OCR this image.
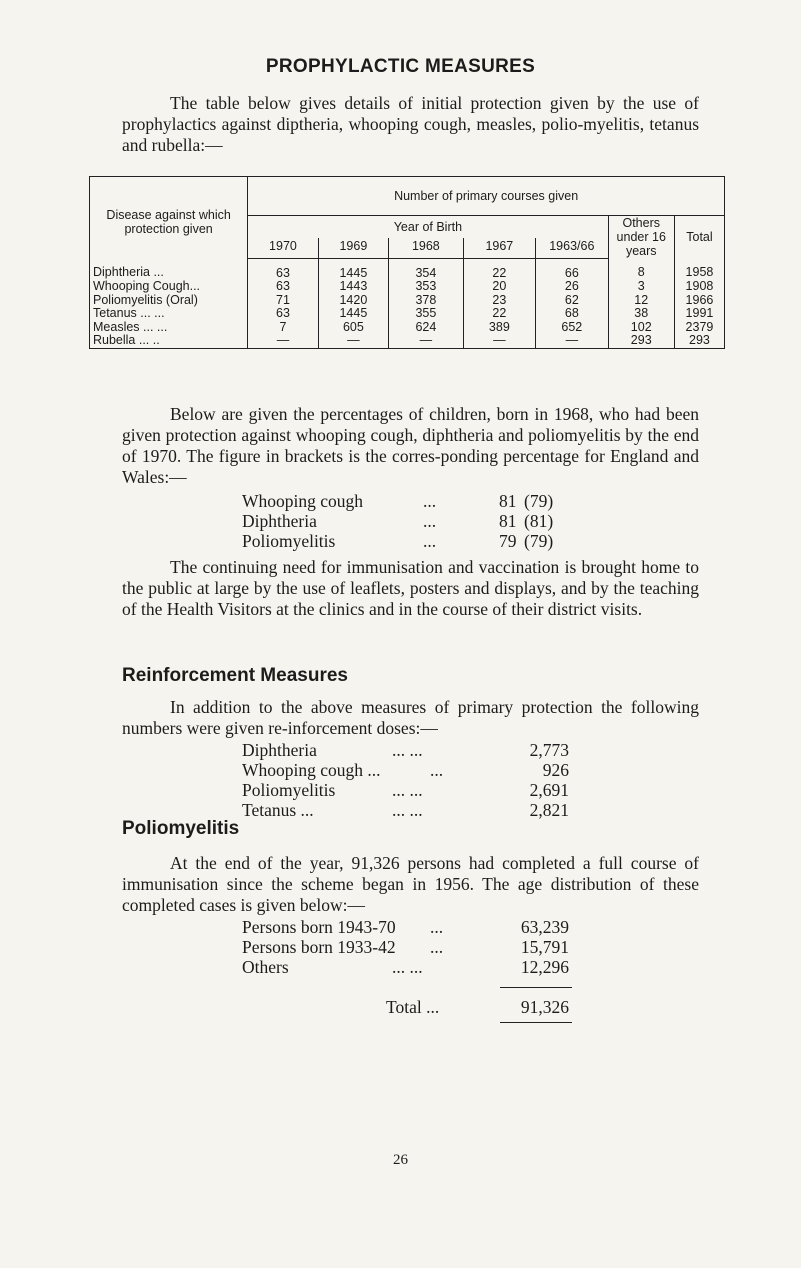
PROPHYLACTIC MEASURES

The table below gives details of initial protection given by the use of prophylactics against diptheria, whooping cough, measles, polio-myelitis, tetanus and rubella:—

Disease against which protection given	Number of primary courses given						
	Year of Birth					Others under 16 years	Total
	1970	1969	1968	1967	1963/66		
Diphtheria ...	63	1445	354	22	66	8	1958
Whooping Cough...	63	1443	353	20	26	3	1908
Poliomyelitis (Oral)	71	1420	378	23	62	12	1966
Tetanus ... ...	63	1445	355	22	68	38	1991
Measles ... ...	7	605	624	389	652	102	2379
Rubella ... ..	—	—	—	—	—	293	293

Below are given the percentages of children, born in 1968, who had been given protection against whooping cough, diphtheria and poliomyelitis by the end of 1970. The figure in brackets is the corres-ponding percentage for England and Wales:—

Whooping cough	...	81 (79)
Diphtheria	...	81 (81)
Poliomyelitis	...	79 (79)

The continuing need for immunisation and vaccination is brought home to the public at large by the use of leaflets, posters and displays, and by the teaching of the Health Visitors at the clinics and in the course of their district visits.

Reinforcement Measures

In addition to the above measures of primary protection the following numbers were given re-inforcement doses:—

Diphtheria	... ...	2,773
Whooping cough ...	...	926
Poliomyelitis	... ...	2,691
Tetanus ...	... ...	2,821
Poliomyelitis

At the end of the year, 91,326 persons had completed a full course of immunisation since the scheme began in 1956. The age distribution of these completed cases is given below:—

Persons born 1943-70 ...	63,239
Persons born 1933-42 ...	15,791
Others	... ...	12,296
Total ...	91,326
26
